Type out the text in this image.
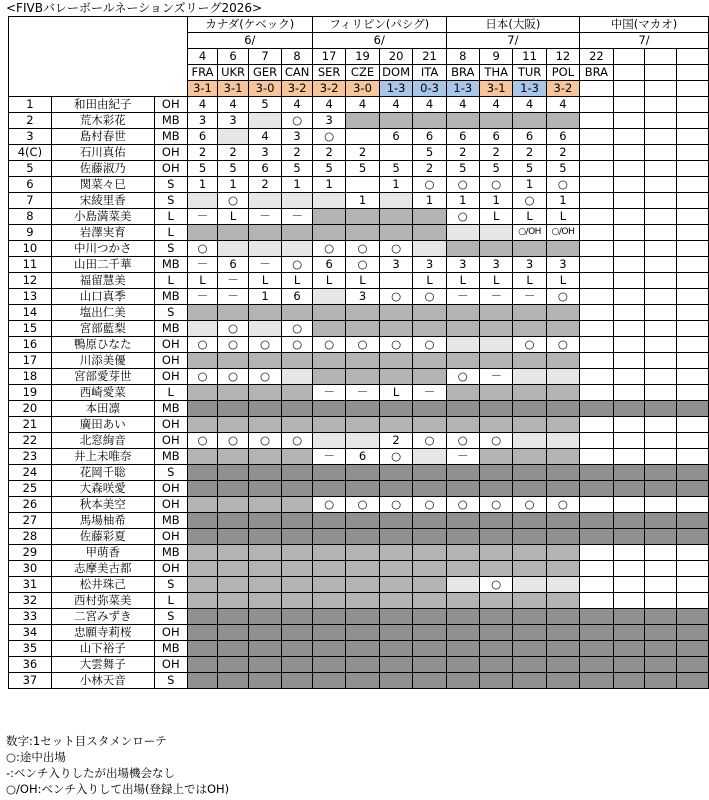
<FIVBバレーボールネーションズリーグ2026>
			カナダ(ケベック)				フィリピン(パシグ)				日本(大阪)				中国(マカオ)			
			6/				6/				7/				7/			
			4	6	7	8	17	19	20	21	8	9	11	12	22			
			FRA	UKR	GER	CAN	SER	CZE	DOM	ITA	BRA	THA	TUR	POL	BRA			
			3-1	3-1	3-0	3-2	3-2	3-0	1-3	0-3	1-3	3-1	1-3	3-2				
1	和田由紀子	OH	4	4	5	4	4	4	4	4	4	4	4	4				
2	荒木彩花	MB	3	3		○	3											
3	島村春世	MB	6		4	3	○		6	6	6	6	6	6				
4(C)	石川真佑	OH	2	2	3	2	2	2		5	2	2	2	2				
5	佐藤淑乃	OH	5	5	6	5	5	5	5	2	5	5	5	5				
6	関菜々巳	S	1	1	2	1	1		1	○	○	○	1	○				
7	宋綾里香	S		○				1		1	1	1	○	1				
8	小島満菜美	L	－	L	－	－					○	L	L	L				
9	岩澤実育	L											○/OH	○/OH				
10	中川つかさ	S	○				○	○	○									
11	山田二千華	MB	－	6	－	○	6	○	3	3	3	3	3	3				
12	福留慧美	L	L	－	L	L	L	L		L	L	L	L	L				
13	山口真季	MB	－	－	1	6		3	○	○	－	－	－	○				
14	塩出仁美	S																
15	宮部藍梨	MB		○		○												
16	鴨原ひなた	OH	○	○	○	○	○	○	○	○			○	○				
17	川添美優	OH																
18	宮部愛芽世	OH	○	○	○						○	－						
19	西崎愛菜	L					－	－	L	－								
20	本田凛	MB																
21	廣田あい	OH																
22	北窓絢音	OH	○	○	○	○			2	○	○	○						
23	井上未唯奈	MB					－	6	○		－							
24	花岡千聡	S																
25	大森咲愛	OH																
26	秋本美空	OH					○	○	○	○	○	○	○	○				
27	馬場柚希	MB																
28	佐藤彩夏	OH																
29	甲萌香	MB																
30	志摩美古都	OH																
31	松井珠己	S										○						
32	西村弥菜美	L																
33	二宮みずき	S																
34	忠願寺莉桜	OH																
35	山下裕子	MB																
36	大雲舞子	OH																
37	小林天音	S																
数字:1セット目スタメンローテ
○:途中出場
-:ベンチ入りしたが出場機会なし
○/OH:ベンチ入りして出場(登録上ではOH)
